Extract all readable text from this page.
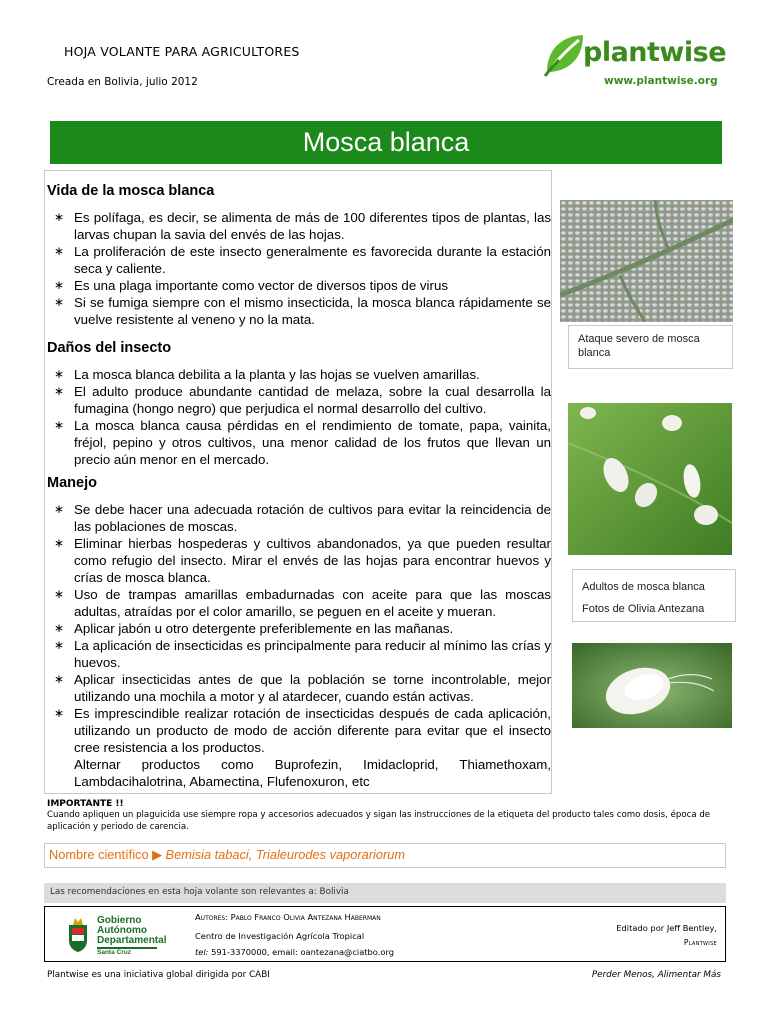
HOJA VOLANTE PARA AGRICULTORES
Creada en Bolivia, julio 2012
plantwise
www.plantwise.org
Mosca blanca
Vida de la mosca blanca
∗ Es polífaga, es decir, se alimenta de más de 100 diferentes tipos de plantas, las larvas chupan la savia del envés de las hojas.
∗ La proliferación de este insecto generalmente es favorecida durante la estación seca y caliente.
∗ Es una plaga importante como vector de diversos tipos de virus
∗ Si se fumiga siempre con el mismo insecticida, la mosca blanca rápidamente se vuelve resistente al veneno y no la mata.
Daños del insecto
∗ La mosca blanca debilita a la planta y las hojas se vuelven amarillas.
∗ El adulto produce abundante cantidad de melaza, sobre la cual desarrolla la fumagina (hongo negro) que perjudica el normal desarrollo del cultivo.
∗ La mosca blanca causa pérdidas en el rendimiento de tomate, papa, vainita, fréjol, pepino y otros cultivos, una menor calidad de los frutos que llevan un precio aún menor en el mercado.
Manejo
∗ Se debe hacer una adecuada rotación de cultivos para evitar la reincidencia de las poblaciones de moscas.
∗ Eliminar hierbas hospederas y cultivos abandonados, ya que pueden resultar como refugio del insecto. Mirar el envés de las hojas para encontrar huevos y crías de mosca blanca.
∗ Uso de trampas amarillas embadurnadas con aceite para que las moscas adultas, atraídas por el color amarillo, se peguen en el aceite y mueran.
∗ Aplicar jabón u otro detergente preferiblemente en las mañanas.
∗ La aplicación de insecticidas es principalmente para reducir al mínimo las crías y huevos.
∗ Aplicar insecticidas antes de que la población se torne incontrolable, mejor utilizando una mochila a motor y al atardecer, cuando están activas.
∗ Es imprescindible realizar rotación de insecticidas después de cada aplicación, utilizando un producto de modo de acción diferente para evitar que el insecto cree resistencia a los productos.
Alternar productos como Buprofezin, Imidacloprid, Thiamethoxam, Lambdacihalotrina, Abamectina, Flufenoxuron, etc
Ataque severo de mosca blanca
Adultos de mosca blanca
Fotos de Olivia Antezana
IMPORTANTE !!
Cuando apliquen un plaguicida use siempre ropa y accesorios adecuados y sigan las instrucciones de la etiqueta del producto tales como dosis, época de aplicación y periodo de carencia.
Nombre científico ▶ Bemisia tabaci, Trialeurodes vaporariorum
Las recomendaciones en esta hoja volante son relevantes a: Bolivia
Gobierno
Autónomo
Departamental
Santa Cruz
Autores: Pablo Franco Olivia Antezana Haberman
Centro de Investigación Agrícola Tropical
tel: 591-3370000, email: oantezana@ciatbo.org
Editado por Jeff Bentley,
Plantwise
Plantwise es una iniciativa global dirigida por CABI	Perder Menos, Alimentar Más
